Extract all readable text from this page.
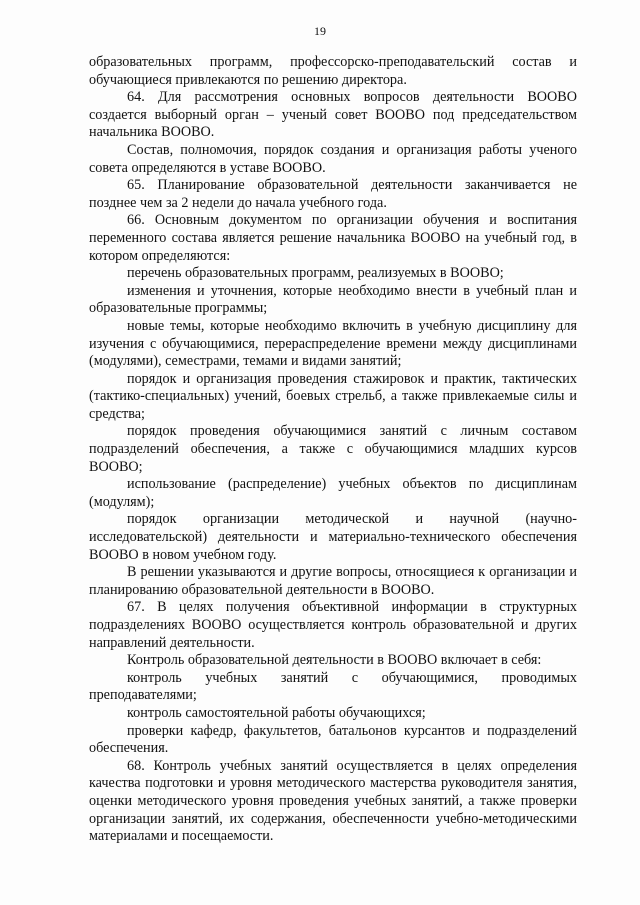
19

образовательных программ, профессорско-преподавательский состав и обучающиеся привлекаются по решению директора.

64. Для рассмотрения основных вопросов деятельности ВООВО создается выборный орган – ученый совет ВООВО под председательством начальника ВООВО.

Состав, полномочия, порядок создания и организация работы ученого совета определяются в уставе ВООВО.

65. Планирование образовательной деятельности заканчивается не позднее чем за 2 недели до начала учебного года.

66. Основным документом по организации обучения и воспитания переменного состава является решение начальника ВООВО на учебный год, в котором определяются:

перечень образовательных программ, реализуемых в ВООВО;

изменения и уточнения, которые необходимо внести в учебный план и образовательные программы;

новые темы, которые необходимо включить в учебную дисциплину для изучения с обучающимися, перераспределение времени между дисциплинами (модулями), семестрами, темами и видами занятий;

порядок и организация проведения стажировок и практик, тактических (тактико-специальных) учений, боевых стрельб, а также привлекаемые силы и средства;

порядок проведения обучающимися занятий с личным составом подразделений обеспечения, а также с обучающимися младших курсов ВООВО;

использование (распределение) учебных объектов по дисциплинам (модулям);

порядок организации методической и научной (научно-исследовательской) деятельности и материально-технического обеспечения ВООВО в новом учебном году.

В решении указываются и другие вопросы, относящиеся к организации и планированию образовательной деятельности в ВООВО.

67. В целях получения объективной информации в структурных подразделениях ВООВО осуществляется контроль образовательной и других направлений деятельности.

Контроль образовательной деятельности в ВООВО включает в себя:

контроль учебных занятий с обучающимися, проводимых преподавателями;

контроль самостоятельной работы обучающихся;

проверки кафедр, факультетов, батальонов курсантов и подразделений обеспечения.

68. Контроль учебных занятий осуществляется в целях определения качества подготовки и уровня методического мастерства руководителя занятия, оценки методического уровня проведения учебных занятий, а также проверки организации занятий, их содержания, обеспеченности учебно-методическими материалами и посещаемости.
